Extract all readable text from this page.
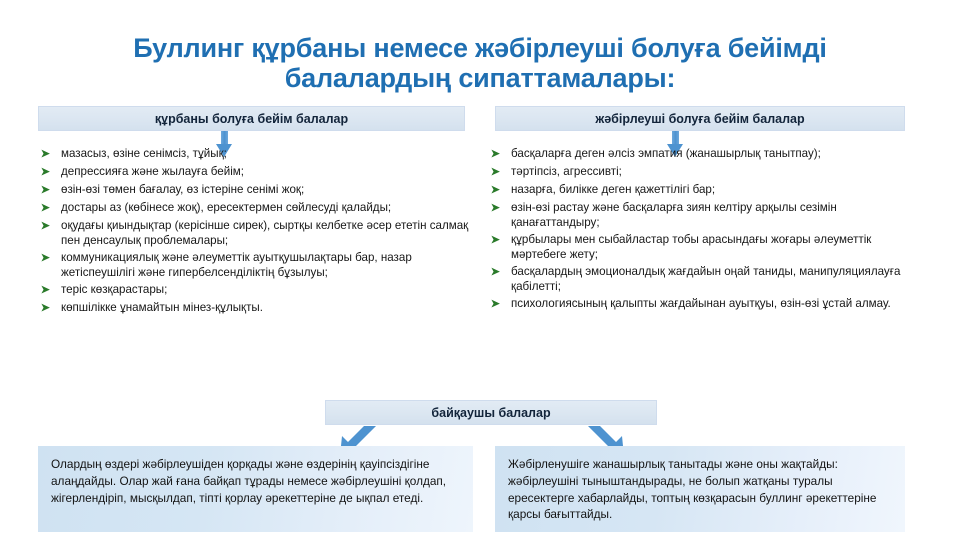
Буллинг құрбаны немесе жәбірлеуші болуға бейімді балалардың сипаттамалары:
құрбаны болуға бейім балалар	жәбірлеуші болуға бейім балалар
➤ мазасыз, өзіне сенімсіз, тұйық;
➤ депрессияға және жылауға бейім;
➤ өзін-өзі төмен бағалау, өз істеріне сенімі жоқ;
➤ достары аз (көбінесе жоқ), ересектермен сөйлесуді қалайды;
➤ оқудағы қиындықтар (керісінше сирек), сыртқы келбетке әсер ететін салмақ пен денсаулық проблемалары;
➤ коммуникациялық және әлеуметтік ауытқушылақтары бар, назар жетіспеушілігі және гипербелсенділіктің бұзылуы;
➤ теріс көзқарастары;
➤ көпшілікке ұнамайтын мінез-құлықты.
➤ басқаларға деген әлсіз эмпатия (жанашырлық танытпау);
➤ тәртіпсіз, агрессивті;
➤ назарға, билікке деген қажеттілігі бар;
➤ өзін-өзі растау және басқаларға зиян келтіру арқылы сезімін қанағаттандыру;
➤ құрбылары мен сыбайластар тобы арасындағы жоғары әлеуметтік мәртебеге жету;
➤ басқалардың эмоционалдық жағдайын оңай таниды, манипуляциялауға қабілетті;
➤ психологиясының қалыпты жағдайынан ауытқуы, өзін-өзі ұстай алмау.
байқаушы балалар
Олардың өздері жәбірлеушіден қорқады және өздерінің қауіпсіздігіне алаңдайды. Олар жай ғана байқап тұрады немесе жәбірлеушіні қолдап, жігерлендіріп, мысқылдап, тіпті қорлау әрекеттеріне де ықпал етеді.
Жәбірленушіге жанашырлық танытады және оны жақтайды: жәбірлеушіні тыныштандырады, не болып жатқаны туралы ересектерге хабарлайды, топтың көзқарасын буллинг әрекеттеріне қарсы бағыттайды.
